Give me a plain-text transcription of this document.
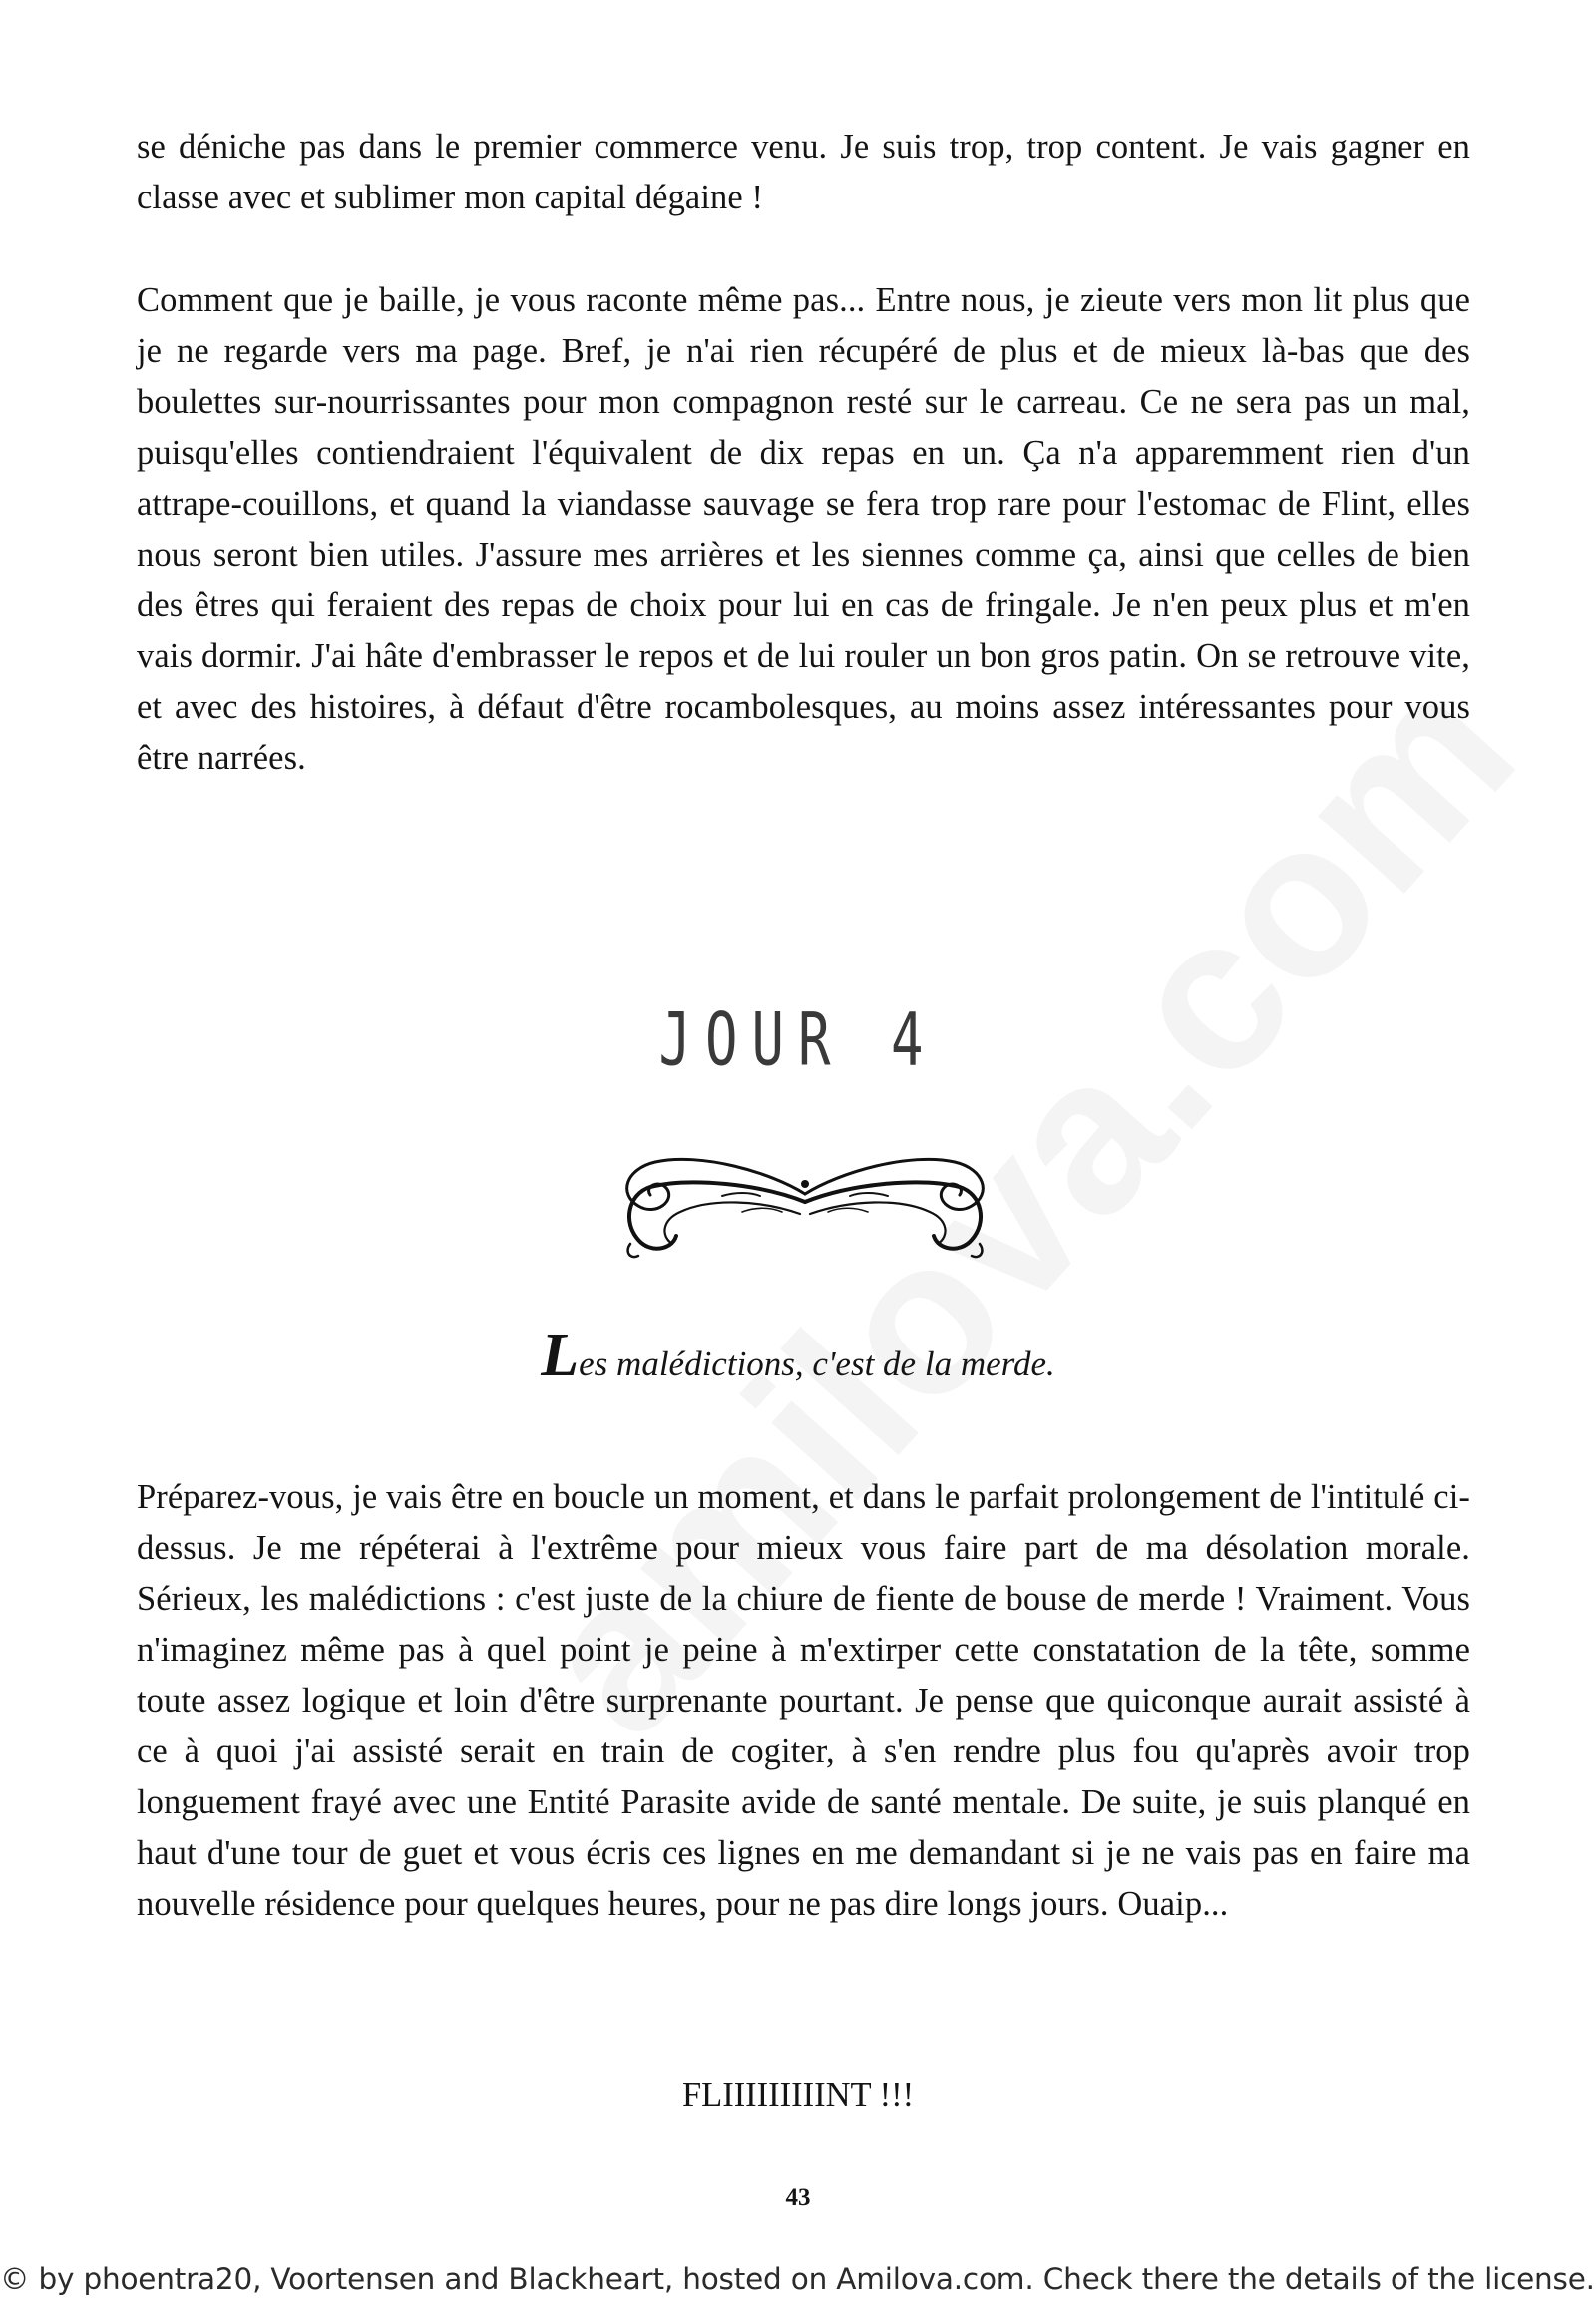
se déniche pas dans le premier commerce venu. Je suis trop, trop content. Je vais gagner en classe avec et sublimer mon capital dégaine !

Comment que je baille, je vous raconte même pas... Entre nous, je zieute vers mon lit plus que je ne regarde vers ma page. Bref, je n'ai rien récupéré de plus et de mieux là-bas que des boulettes sur-nourrissantes pour mon compagnon resté sur le carreau. Ce ne sera pas un mal, puisqu'elles contiendraient l'équivalent de dix repas en un. Ça n'a apparemment rien d'un attrape-couillons, et quand la viandasse sauvage se fera trop rare pour l'estomac de Flint, elles nous seront bien utiles. J'assure mes arrières et les siennes comme ça, ainsi que celles de bien des êtres qui feraient des repas de choix pour lui en cas de fringale. Je n'en peux plus et m'en vais dormir. J'ai hâte d'embrasser le repos et de lui rouler un bon gros patin. On se retrouve vite, et avec des histoires, à défaut d'être rocambolesques, au moins assez intéressantes pour vous être narrées.

JOUR 4
Les malédictions, c'est de la merde.

Préparez-vous, je vais être en boucle un moment, et dans le parfait prolongement de l'intitulé ci-dessus. Je me répéterai à l'extrême pour mieux vous faire part de ma désolation morale. Sérieux, les malédictions : c'est juste de la chiure de fiente de bouse de merde ! Vraiment. Vous n'imaginez même pas à quel point je peine à m'extirper cette constatation de la tête, somme toute assez logique et loin d'être surprenante pourtant. Je pense que quiconque aurait assisté à ce à quoi j'ai assisté serait en train de cogiter, à s'en rendre plus fou qu'après avoir trop longuement frayé avec une Entité Parasite avide de santé mentale. De suite, je suis planqué en haut d'une tour de guet et vous écris ces lignes en me demandant si je ne vais pas en faire ma nouvelle résidence pour quelques heures, pour ne pas dire longs jours. Ouaip...

FLIIIIIIIIINT !!!
43
© by phoentra20, Voortensen and Blackheart, hosted on Amilova.com. Check there the details of the license.
